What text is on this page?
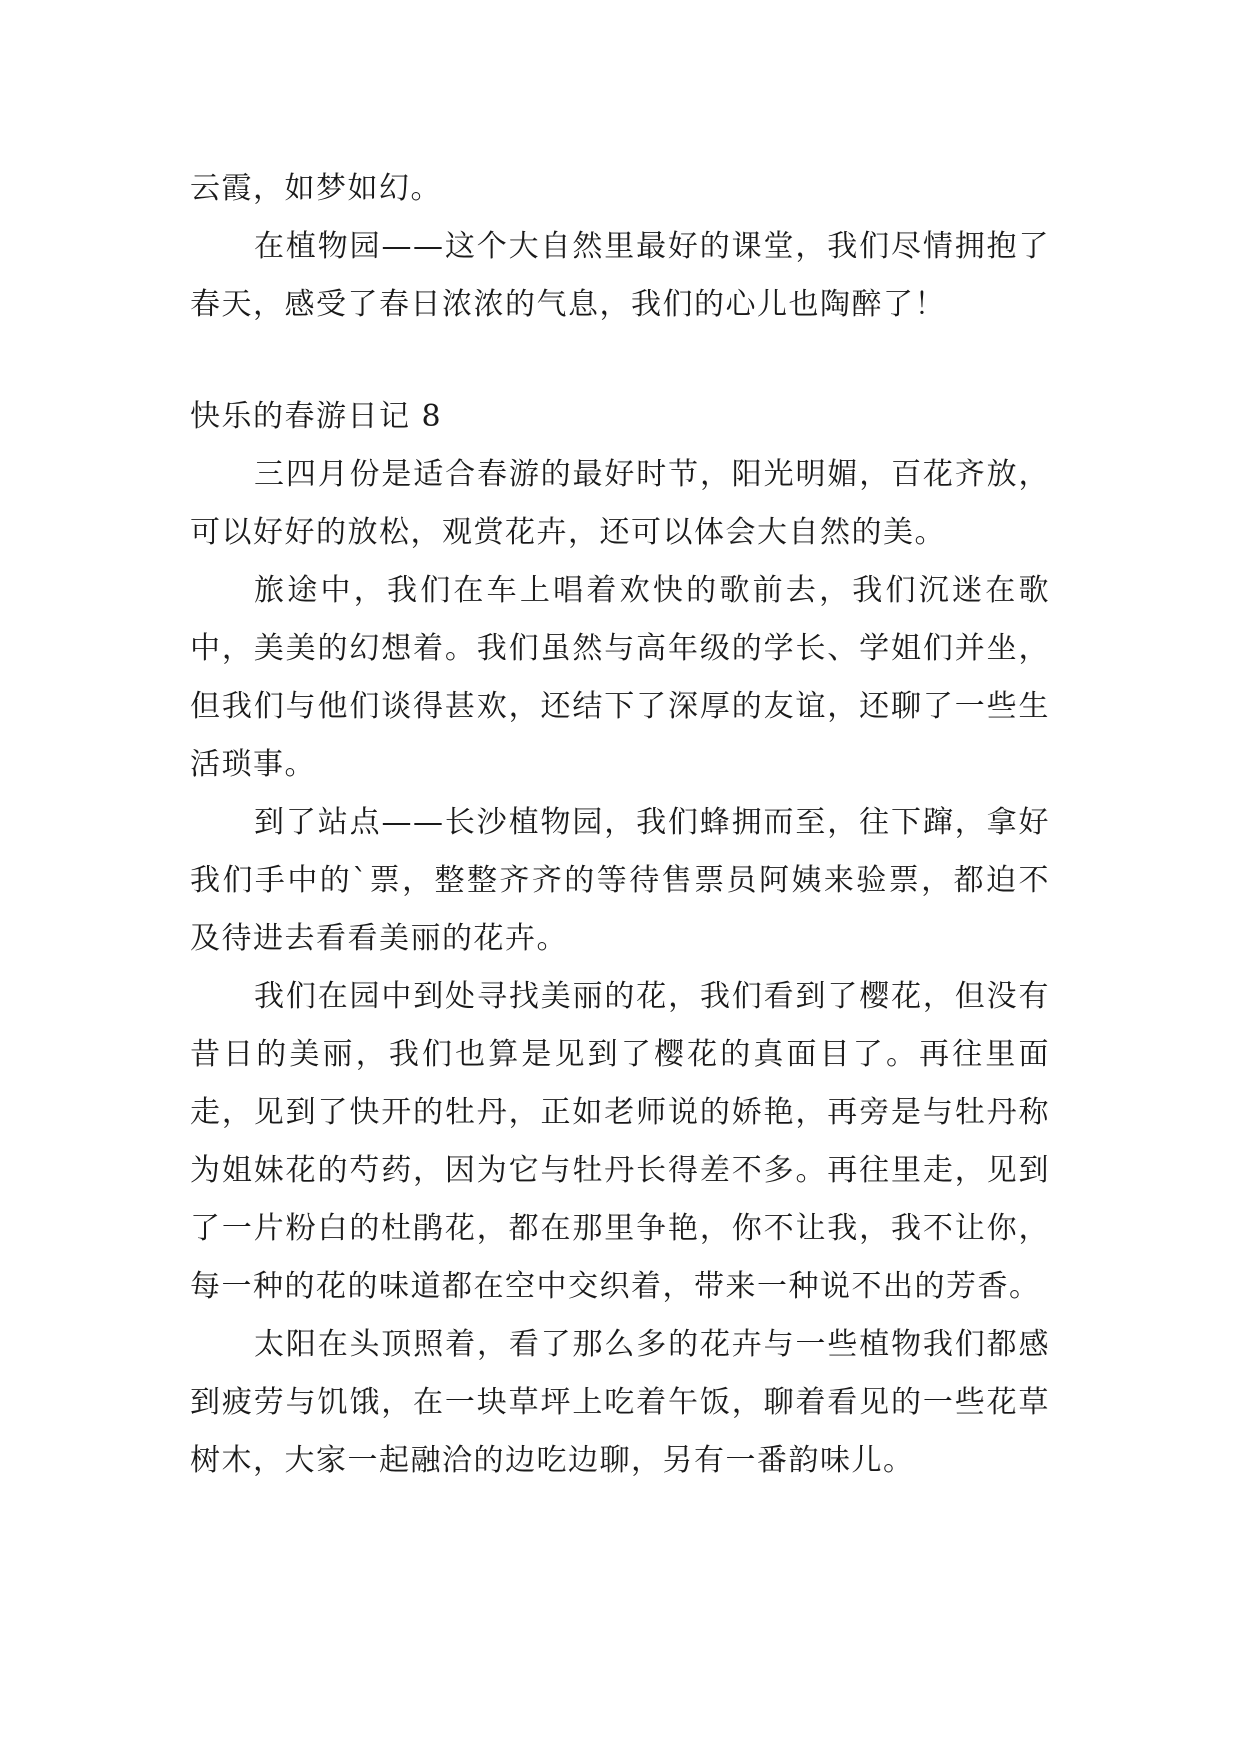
云霞，如梦如幻。

在植物园——这个大自然里最好的课堂，我们尽情拥抱了春天，感受了春日浓浓的气息，我们的心儿也陶醉了！

快乐的春游日记 8

三四月份是适合春游的最好时节，阳光明媚，百花齐放，可以好好的放松，观赏花卉，还可以体会大自然的美。

旅途中，我们在车上唱着欢快的歌前去，我们沉迷在歌中，美美的幻想着。我们虽然与高年级的学长、学姐们并坐，但我们与他们谈得甚欢，还结下了深厚的友谊，还聊了一些生活琐事。

到了站点——长沙植物园，我们蜂拥而至，往下蹿，拿好我们手中的`票，整整齐齐的等待售票员阿姨来验票，都迫不及待进去看看美丽的花卉。

我们在园中到处寻找美丽的花，我们看到了樱花，但没有昔日的美丽，我们也算是见到了樱花的真面目了。再往里面走，见到了快开的牡丹，正如老师说的娇艳，再旁是与牡丹称为姐妹花的芍药，因为它与牡丹长得差不多。再往里走，见到了一片粉白的杜鹃花，都在那里争艳，你不让我，我不让你，每一种的花的味道都在空中交织着，带来一种说不出的芳香。

太阳在头顶照着，看了那么多的花卉与一些植物我们都感到疲劳与饥饿，在一块草坪上吃着午饭，聊着看见的一些花草树木，大家一起融洽的边吃边聊，另有一番韵味儿。
